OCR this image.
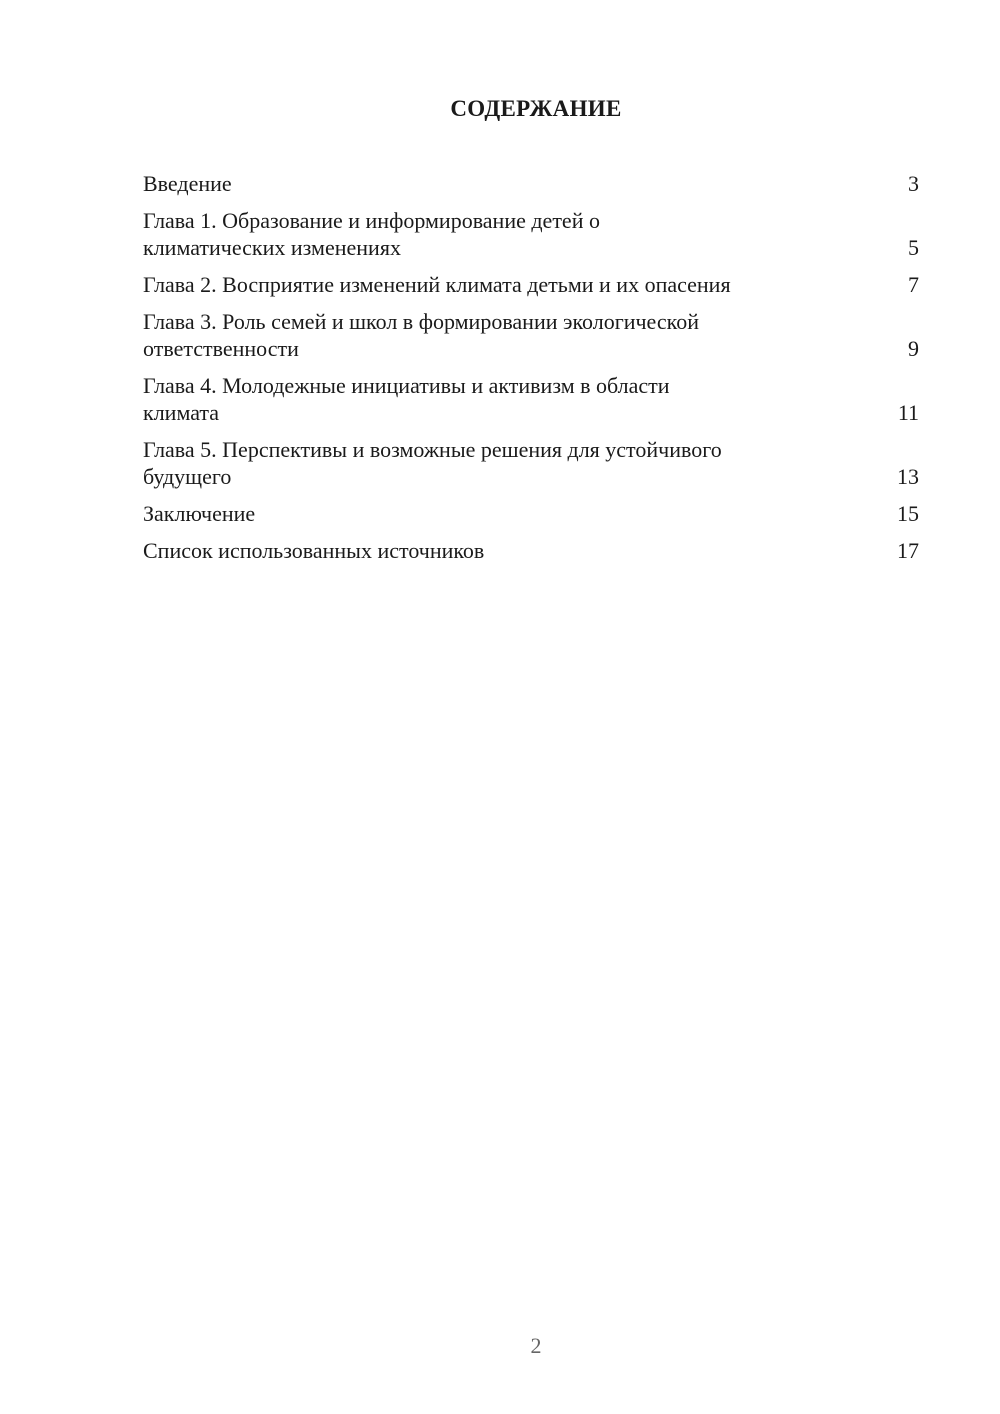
СОДЕРЖАНИЕ
Введение	3
Глава 1. Образование и информирование детей о
климатических изменениях	5
Глава 2. Восприятие изменений климата детьми и их опасения	7
Глава 3. Роль семей и школ в формировании экологической
ответственности	9
Глава 4. Молодежные инициативы и активизм в области
климата	11
Глава 5. Перспективы и возможные решения для устойчивого
будущего	13
Заключение	15
Список использованных источников	17
2
